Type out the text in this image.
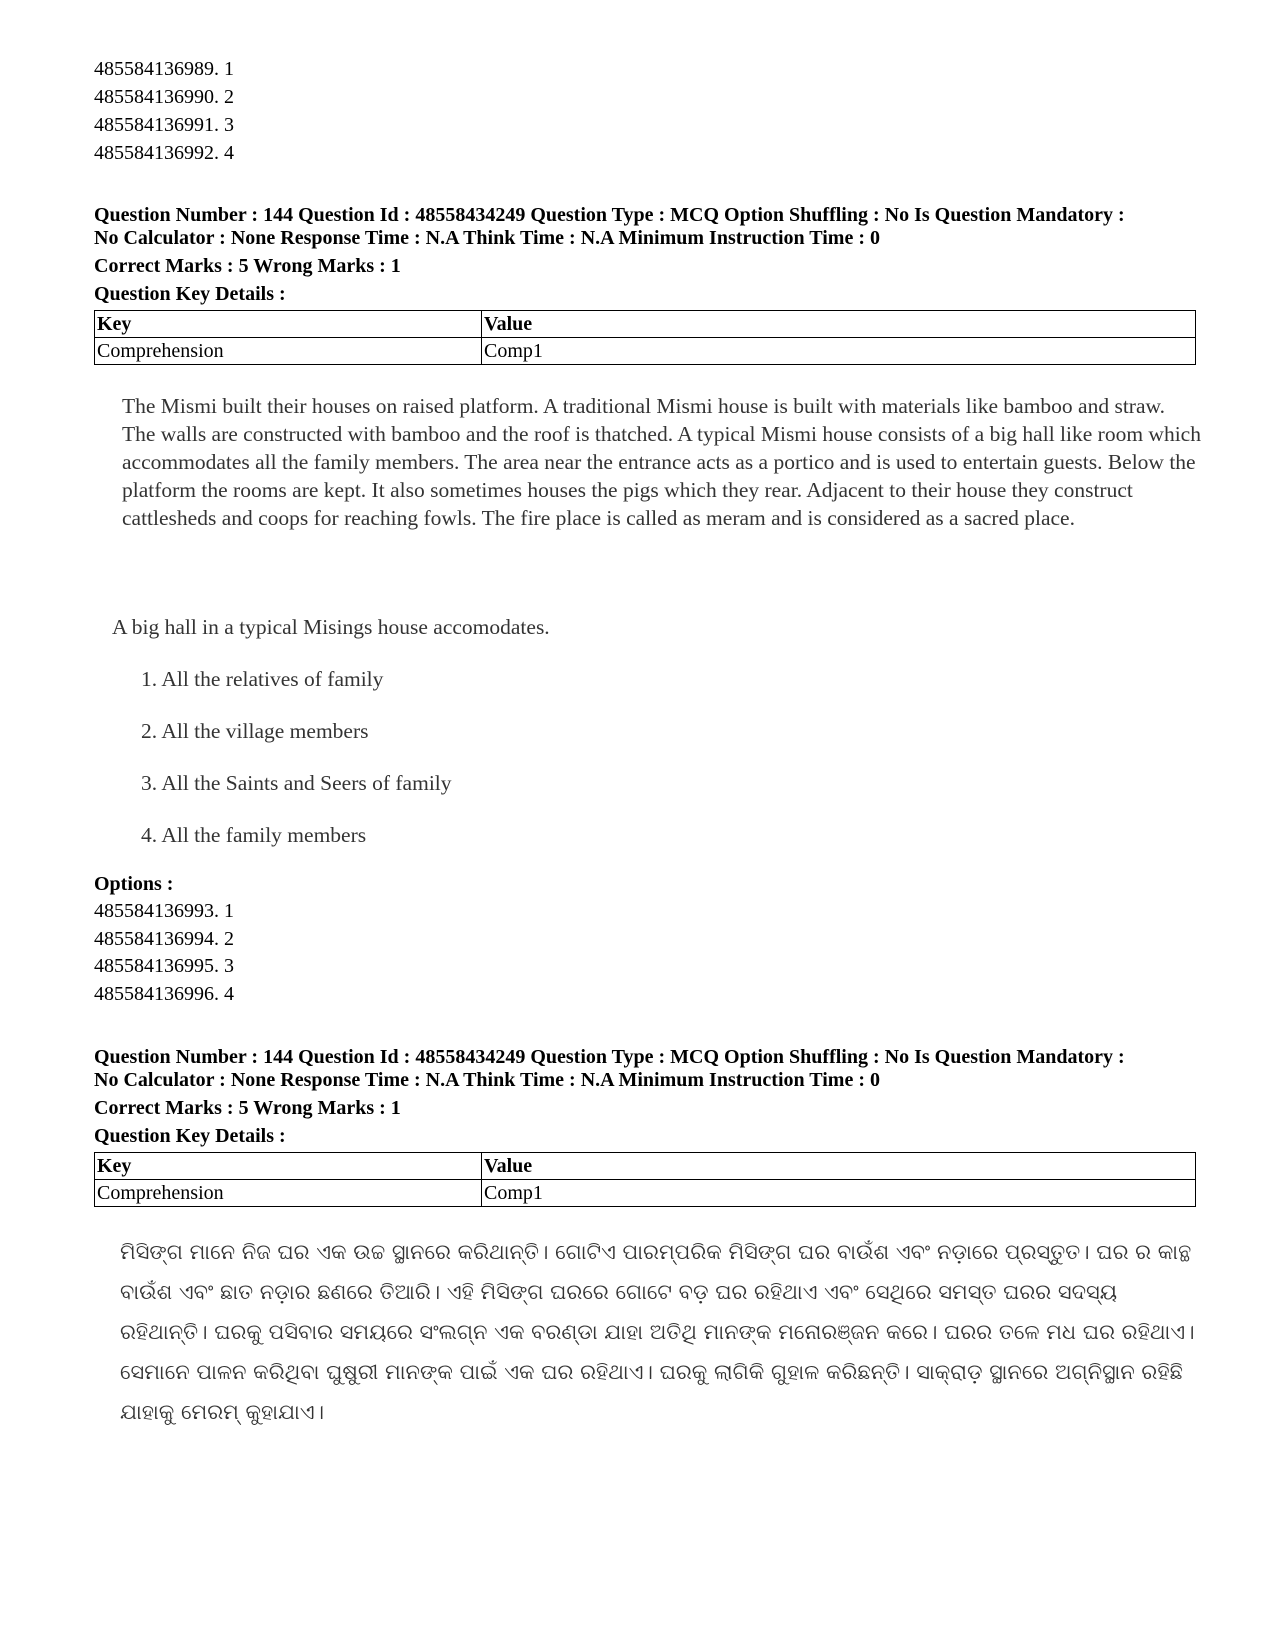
485584136989. 1
485584136990. 2
485584136991. 3
485584136992. 4
Question Number : 144 Question Id : 48558434249 Question Type : MCQ Option Shuffling : No Is Question Mandatory :
No Calculator : None Response Time : N.A Think Time : N.A Minimum Instruction Time : 0
Correct Marks : 5 Wrong Marks : 1
Question Key Details :
Key	Value
Comprehension	Comp1

The Mismi built their houses on raised platform. A traditional Mismi house is built with materials like bamboo and straw. The walls are constructed with bamboo and the roof is thatched. A typical Mismi house consists of a big hall like room which accommodates all the family members. The area near the entrance acts as a portico and is used to entertain guests. Below the platform the rooms are kept. It also sometimes houses the pigs which they rear. Adjacent to their house they construct cattlesheds and coops for reaching fowls. The fire place is called as meram and is considered as a sacred place.

A big hall in a typical Misings house accomodates.
1. All the relatives of family
2. All the village members
3. All the Saints and Seers of family
4. All the family members
Options :
485584136993. 1
485584136994. 2
485584136995. 3
485584136996. 4
Question Number : 144 Question Id : 48558434249 Question Type : MCQ Option Shuffling : No Is Question Mandatory :
No Calculator : None Response Time : N.A Think Time : N.A Minimum Instruction Time : 0
Correct Marks : 5 Wrong Marks : 1
Question Key Details :
Key	Value
Comprehension	Comp1

ମିସିଙ୍ଗ ମାନେ ନିଜ ଘର ଏକ ଉଚ୍ଚ ସ୍ଥାନରେ କରିଥାନ୍ତି। ଗୋଟିଏ ପାରମ୍ପରିକ ମିସିଙ୍ଗ ଘର ବାଉଁଶ ଏବଂ ନଡ଼ାରେ ପ୍ରସ୍ତୁତ। ଘର ର କାନ୍ଥ ବାଉଁଶ ଏବଂ ଛାତ ନଡ଼ାର ଛଣରେ ତିଆରି। ଏହି ମିସିଙ୍ଗ ଘରରେ ଗୋଟେ ବଡ଼ ଘର ରହିଥାଏ ଏବଂ ସେଥିରେ ସମସ୍ତ ଘରର ସଦସ୍ୟ ରହିଥାନ୍ତି। ଘରକୁ ପସିବାର ସମୟରେ ସଂଲଗ୍ନ ଏକ ବରଣ୍ଡା ଯାହା ଅତିଥି ମାନଙ୍କ ମନୋରଞ୍ଜନ କରେ। ଘରର ତଳେ ମଧ ଘର ରହିଥାଏ। ସେମାନେ ପାଳନ କରିଥିବା ଘୁଷୁରୀ ମାନଙ୍କ ପାଇଁ ଏକ ଘର ରହିଥାଏ। ଘରକୁ ଲାଗିକି ଗୁହାଳ କରିଛନ୍ତି। ସାକ୍ରାଡ଼ ସ୍ଥାନରେ ଅଗ୍ନିସ୍ଥାନ ରହିଛି ଯାହାକୁ ମେରମ୍ କୁହାଯାଏ।
